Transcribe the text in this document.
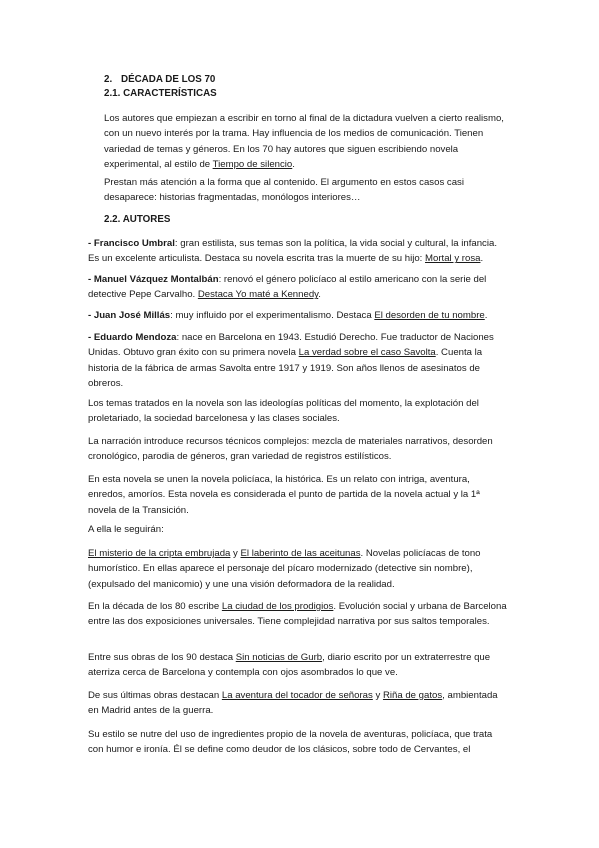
2. DÉCADA DE LOS 70
2.1. CARACTERÍSTICAS

Los autores que empiezan a escribir en torno al final de la dictadura vuelven a cierto realismo, con un nuevo interés por la trama. Hay influencia de los medios de comunicación. Tienen variedad de temas y géneros. En los 70 hay autores que siguen escribiendo novela experimental, al estilo de Tiempo de silencio.

Prestan más atención a la forma que al contenido. El argumento en estos casos casi desaparece: historias fragmentadas, monólogos interiores…

2.2. AUTORES

- Francisco Umbral: gran estilista, sus temas son la política, la vida social y cultural, la infancia. Es un excelente articulista. Destaca su novela escrita tras la muerte de su hijo: Mortal y rosa.

- Manuel Vázquez Montalbán: renovó el género policíaco al estilo americano con la serie del detective Pepe Carvalho. Destaca Yo maté a Kennedy.

- Juan José Millás: muy influido por el experimentalismo. Destaca El desorden de tu nombre.

- Eduardo Mendoza: nace en Barcelona en 1943. Estudió Derecho. Fue traductor de Naciones Unidas. Obtuvo gran éxito con su primera novela La verdad sobre el caso Savolta. Cuenta la historia de la fábrica de armas Savolta entre 1917 y 1919. Son años llenos de asesinatos de obreros.

Los temas tratados en la novela son las ideologías políticas del momento, la explotación del proletariado, la sociedad barcelonesa y las clases sociales.

La narración introduce recursos técnicos complejos: mezcla de materiales narrativos, desorden cronológico, parodia de géneros, gran variedad de registros estilísticos.

En esta novela se unen la novela policíaca, la histórica. Es un relato con intriga, aventura, enredos, amoríos. Esta novela es considerada el punto de partida de la novela actual y la 1ª novela de la Transición.

A ella le seguirán:

El misterio de la cripta embrujada y El laberinto de las aceitunas. Novelas policíacas de tono humorístico. En ellas aparece el personaje del pícaro modernizado (detective sin nombre), (expulsado del manicomio) y une una visión deformadora de la realidad.

En la década de los 80 escribe La ciudad de los prodigios. Evolución social y urbana de Barcelona entre las dos exposiciones universales. Tiene complejidad narrativa por sus saltos temporales.

Entre sus obras de los 90 destaca Sin noticias de Gurb, diario escrito por un extraterrestre que aterriza cerca de Barcelona y contempla con ojos asombrados lo que ve.

De sus últimas obras destacan La aventura del tocador de señoras y Riña de gatos, ambientada en Madrid antes de la guerra.

Su estilo se nutre del uso de ingredientes propio de la novela de aventuras, policíaca, que trata con humor e ironía. Él se define como deudor de los clásicos, sobre todo de Cervantes, el
